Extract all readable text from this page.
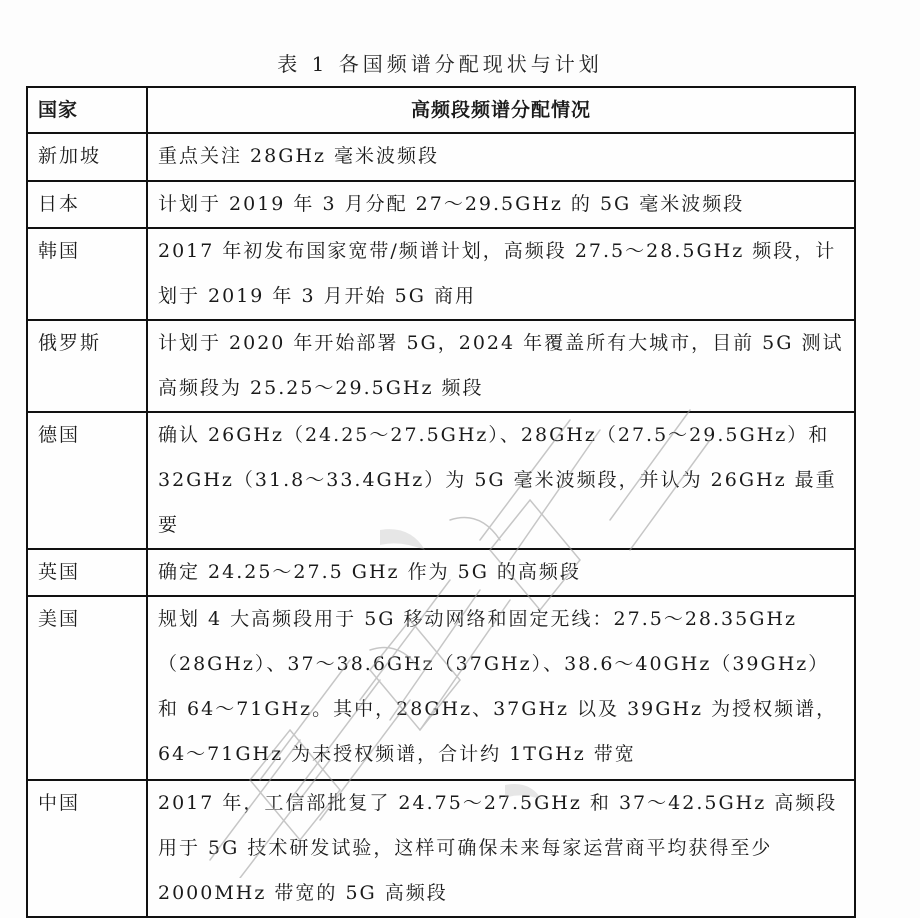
表 1 各国频谱分配现状与计划
国家	高频段频谱分配情况
新加坡	重点关注 28GHz 毫米波频段
日本	计划于 2019 年 3 月分配 27～29.5GHz 的 5G 毫米波频段
韩国	2017 年初发布国家宽带/频谱计划，高频段 27.5～28.5GHz 频段，计划于 2019 年 3 月开始 5G 商用
俄罗斯	计划于 2020 年开始部署 5G，2024 年覆盖所有大城市，目前 5G 测试高频段为 25.25～29.5GHz 频段
德国	确认 26GHz（24.25～27.5GHz）、28GHz（27.5～29.5GHz）和 32GHz（31.8～33.4GHz）为 5G 毫米波频段，并认为 26GHz 最重要
英国	确定 24.25～27.5 GHz 作为 5G 的高频段
美国	规划 4 大高频段用于 5G 移动网络和固定无线：27.5～28.35GHz（28GHz）、37～38.6GHz（37GHz）、38.6～40GHz（39GHz）和 64～71GHz。其中，28GHz、37GHz 以及 39GHz 为授权频谱，64～71GHz 为未授权频谱，合计约 1TGHz 带宽
中国	2017 年，工信部批复了 24.75～27.5GHz 和 37～42.5GHz 高频段用于 5G 技术研发试验，这样可确保未来每家运营商平均获得至少 2000MHz 带宽的 5G 高频段
